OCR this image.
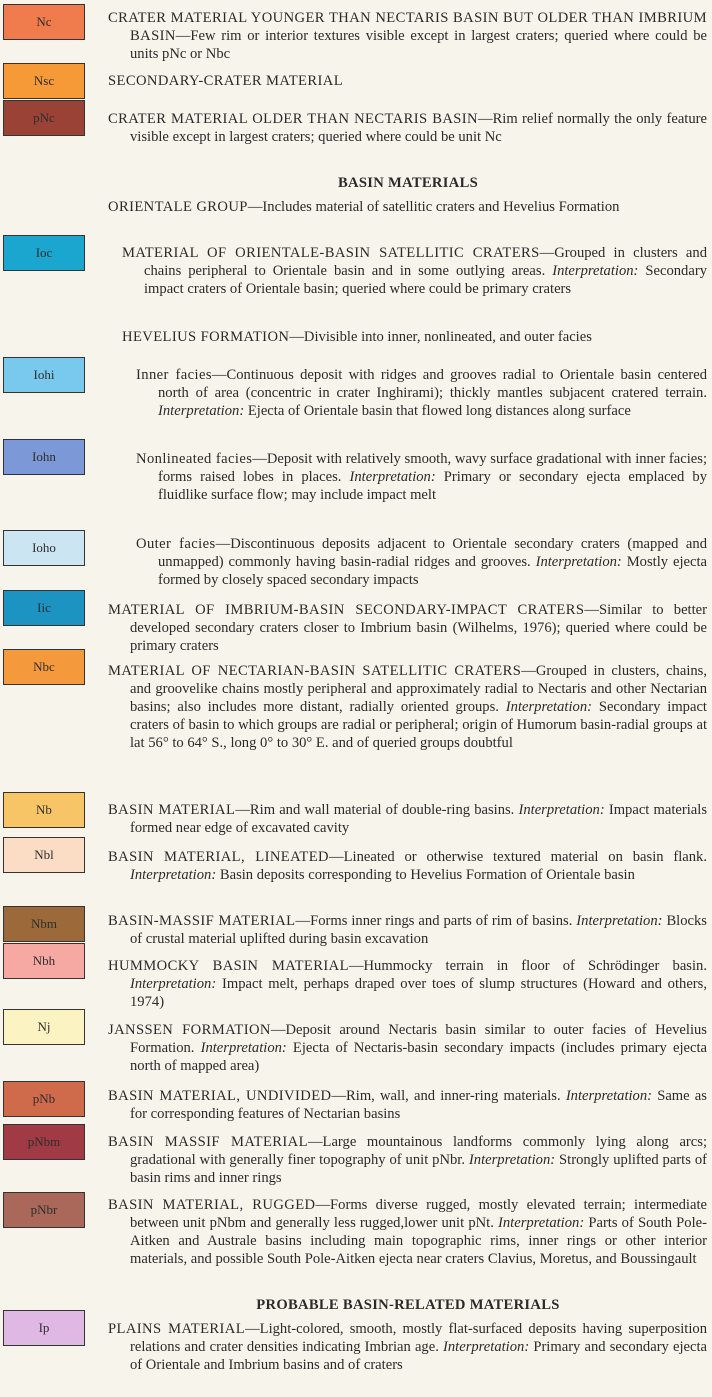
Nc
Nsc
pNc
Ioc
Iohi
Iohn
Ioho
Iic
Nbc
Nb
Nbl
Nbm
Nbh
Nj
pNb
pNbm
pNbr
Ip
CRATER MATERIAL YOUNGER THAN NECTARIS BASIN BUT OLDER THAN IMBRIUM BASIN—Few rim or interior textures visible except in largest craters; queried where could be units pNc or Nbc
SECONDARY-CRATER MATERIAL
CRATER MATERIAL OLDER THAN NECTARIS BASIN—Rim relief normally the only feature visible except in largest craters; queried where could be unit Nc
BASIN MATERIALS
ORIENTALE GROUP—Includes material of satellitic craters and Hevelius Formation
MATERIAL OF ORIENTALE-BASIN SATELLITIC CRATERS—Grouped in clusters and chains peripheral to Orientale basin and in some outlying areas. Interpretation: Secondary impact craters of Orientale basin; queried where could be primary craters
HEVELIUS FORMATION—Divisible into inner, nonlineated, and outer facies
Inner facies—Continuous deposit with ridges and grooves radial to Orientale basin centered north of area (concentric in crater Inghirami); thickly mantles subjacent cratered terrain. Interpretation: Ejecta of Orientale basin that flowed long distances along surface
Nonlineated facies—Deposit with relatively smooth, wavy surface gradational with inner facies; forms raised lobes in places. Interpretation: Primary or secondary ejecta emplaced by fluidlike surface flow; may include impact melt
Outer facies—Discontinuous deposits adjacent to Orientale secondary craters (mapped and unmapped) commonly having basin-radial ridges and grooves. Interpretation: Mostly ejecta formed by closely spaced secondary impacts
MATERIAL OF IMBRIUM-BASIN SECONDARY-IMPACT CRATERS—Similar to better developed secondary craters closer to Imbrium basin (Wilhelms, 1976); queried where could be primary craters
MATERIAL OF NECTARIAN-BASIN SATELLITIC CRATERS—Grouped in clusters, chains, and groovelike chains mostly peripheral and approximately radial to Nectaris and other Nectarian basins; also includes more distant, radially oriented groups. Interpretation: Secondary impact craters of basin to which groups are radial or peripheral; origin of Humorum basin-radial groups at lat 56° to 64° S., long 0° to 30° E. and of queried groups doubtful
BASIN MATERIAL—Rim and wall material of double-ring basins. Interpretation: Impact materials formed near edge of excavated cavity
BASIN MATERIAL, LINEATED—Lineated or otherwise textured material on basin flank. Interpretation: Basin deposits corresponding to Hevelius Formation of Orientale basin
BASIN-MASSIF MATERIAL—Forms inner rings and parts of rim of basins. Interpretation: Blocks of crustal material uplifted during basin excavation
HUMMOCKY BASIN MATERIAL—Hummocky terrain in floor of Schrödinger basin. Interpretation: Impact melt, perhaps draped over toes of slump structures (Howard and others, 1974)
JANSSEN FORMATION—Deposit around Nectaris basin similar to outer facies of Hevelius Formation. Interpretation: Ejecta of Nectaris-basin secondary impacts (includes primary ejecta north of mapped area)
BASIN MATERIAL, UNDIVIDED—Rim, wall, and inner-ring materials. Interpretation: Same as for corresponding features of Nectarian basins
BASIN MASSIF MATERIAL—Large mountainous landforms commonly lying along arcs; gradational with generally finer topography of unit pNbr. Interpretation: Strongly uplifted parts of basin rims and inner rings
BASIN MATERIAL, RUGGED—Forms diverse rugged, mostly elevated terrain; intermediate between unit pNbm and generally less rugged,lower unit pNt. Interpretation: Parts of South Pole-Aitken and Australe basins including main topographic rims, inner rings or other interior materials, and possible South Pole-Aitken ejecta near craters Clavius, Moretus, and Boussingault
PROBABLE BASIN-RELATED MATERIALS
PLAINS MATERIAL—Light-colored, smooth, mostly flat-surfaced deposits having superposition relations and crater densities indicating Imbrian age. Interpretation: Primary and secondary ejecta of Orientale and Imbrium basins and of craters
